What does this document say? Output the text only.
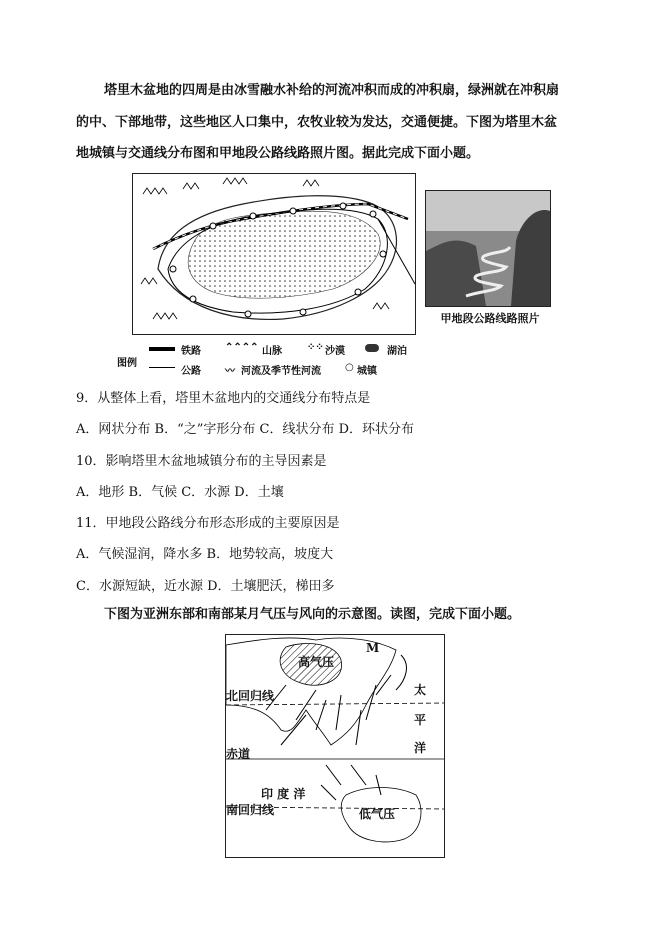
塔里木盆地的四周是由冰雪融水补给的河流冲积而成的冲积扇，绿洲就在冲积扇
的中、下部地带，这些地区人口集中，农牧业较为发达，交通便捷。下图为塔里木盆
地城镇与交通线分布图和甲地段公路线路照片图。据此完成下面小题。
甲地段公路线路照片
图例
铁路 ⌃⌃⌃⌃ 山脉	⁘⁘ 沙漠	湖泊
公路 〰 河流及季节性河流 ○ 城镇
9．从整体上看，塔里木盆地内的交通线分布特点是
A．网状分布 B．“之”字形分布 C．线状分布 D．环状分布
10．影响塔里木盆地城镇分布的主导因素是
A．地形 B．气候 C．水源 D．土壤
11．甲地段公路线分布形态形成的主要原因是
A．气候湿润，降水多 B．地势较高，坡度大
C．水源短缺，近水源 D．土壤肥沃，梯田多
下图为亚洲东部和南部某月气压与风向的示意图。读图，完成下面小题。
高气压
M
北回归线
赤道
印 度 洋
南回归线	低气压
太
平
洋
